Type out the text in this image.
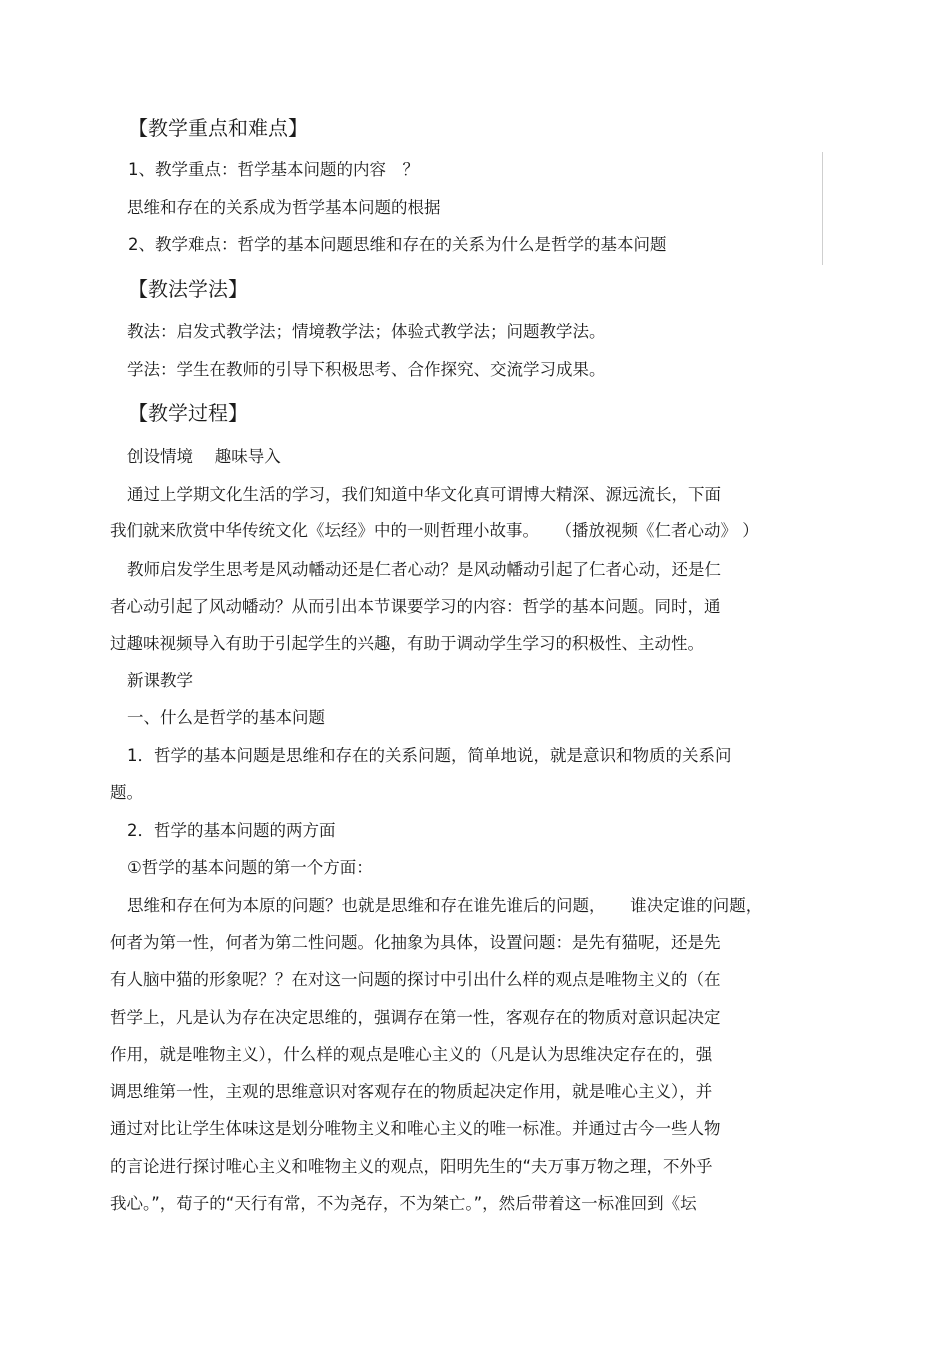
【教学重点和难点】
1、教学重点：哲学基本问题的内容　？
思维和存在的关系成为哲学基本问题的根据
2、教学难点：哲学的基本问题思维和存在的关系为什么是哲学的基本问题
【教法学法】
教法：启发式教学法；情境教学法；体验式教学法；问题教学法。
学法：学生在教师的引导下积极思考、合作探究、交流学习成果。
【教学过程】
创设情境　 趣味导入
通过上学期文化生活的学习，我们知道中华文化真可谓博大精深、源远流长，下面
我们就来欣赏中华传统文化《坛经》中的一则哲理小故事。　　（播放视频《仁者心动》 ）
教师启发学生思考是风动幡动还是仁者心动？是风动幡动引起了仁者心动，还是仁
者心动引起了风动幡动？从而引出本节课要学习的内容：哲学的基本问题。同时，通
过趣味视频导入有助于引起学生的兴趣，有助于调动学生学习的积极性、主动性。
新课教学
一、什么是哲学的基本问题
1．哲学的基本问题是思维和存在的关系问题，简单地说，就是意识和物质的关系问
题。
2．哲学的基本问题的两方面
①哲学的基本问题的第一个方面：
思维和存在何为本原的问题？也就是思维和存在谁先谁后的问题，　　谁决定谁的问题，
何者为第一性，何者为第二性问题。化抽象为具体，设置问题：是先有猫呢，还是先
有人脑中猫的形象呢？？在对这一问题的探讨中引出什么样的观点是唯物主义的（在
哲学上，凡是认为存在决定思维的，强调存在第一性，客观存在的物质对意识起决定
作用，就是唯物主义），什么样的观点是唯心主义的（凡是认为思维决定存在的，强
调思维第一性，主观的思维意识对客观存在的物质起决定作用，就是唯心主义），并
通过对比让学生体味这是划分唯物主义和唯心主义的唯一标准。并通过古今一些人物
的言论进行探讨唯心主义和唯物主义的观点，阳明先生的“夫万事万物之理，不外乎
我心。”，荀子的“天行有常，不为尧存，不为桀亡。”，然后带着这一标准回到《坛
